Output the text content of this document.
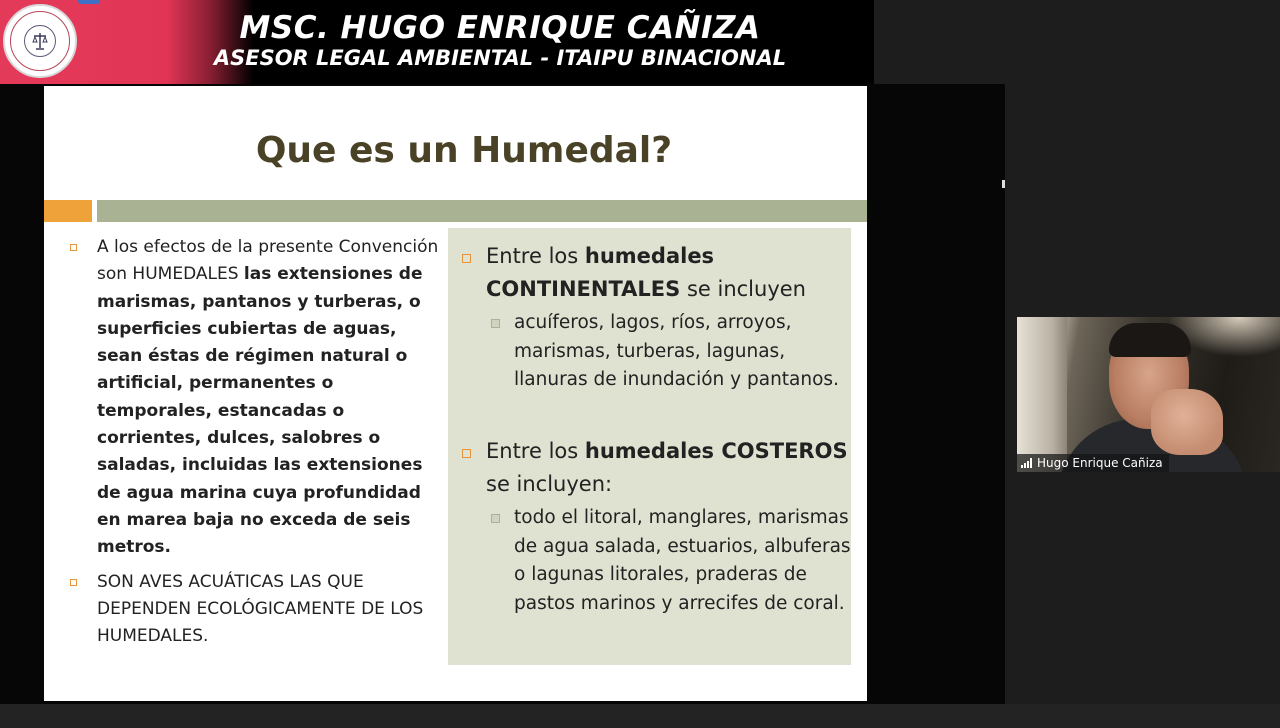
MSC. HUGO ENRIQUE CAÑIZA
ASESOR LEGAL AMBIENTAL - ITAIPU BINACIONAL
Que es un Humedal?
A los efectos de la presente Convención son HUMEDALES las extensiones de marismas, pantanos y turberas, o superficies cubiertas de aguas, sean éstas de régimen natural o artificial, permanentes o temporales, estancadas o corrientes, dulces, salobres o saladas, incluidas las extensiones de agua marina cuya profundidad en marea baja no exceda de seis metros.
SON AVES ACUÁTICAS LAS QUE DEPENDEN ECOLÓGICAMENTE DE LOS HUMEDALES.
Entre los humedales CONTINENTALES se incluyen
acuíferos, lagos, ríos, arroyos, marismas, turberas, lagunas, llanuras de inundación y pantanos.
Entre los humedales COSTEROS se incluyen:
todo el litoral, manglares, marismas de agua salada, estuarios, albuferas o lagunas litorales, praderas de pastos marinos y arrecifes de coral.
Hugo Enrique Cañiza
